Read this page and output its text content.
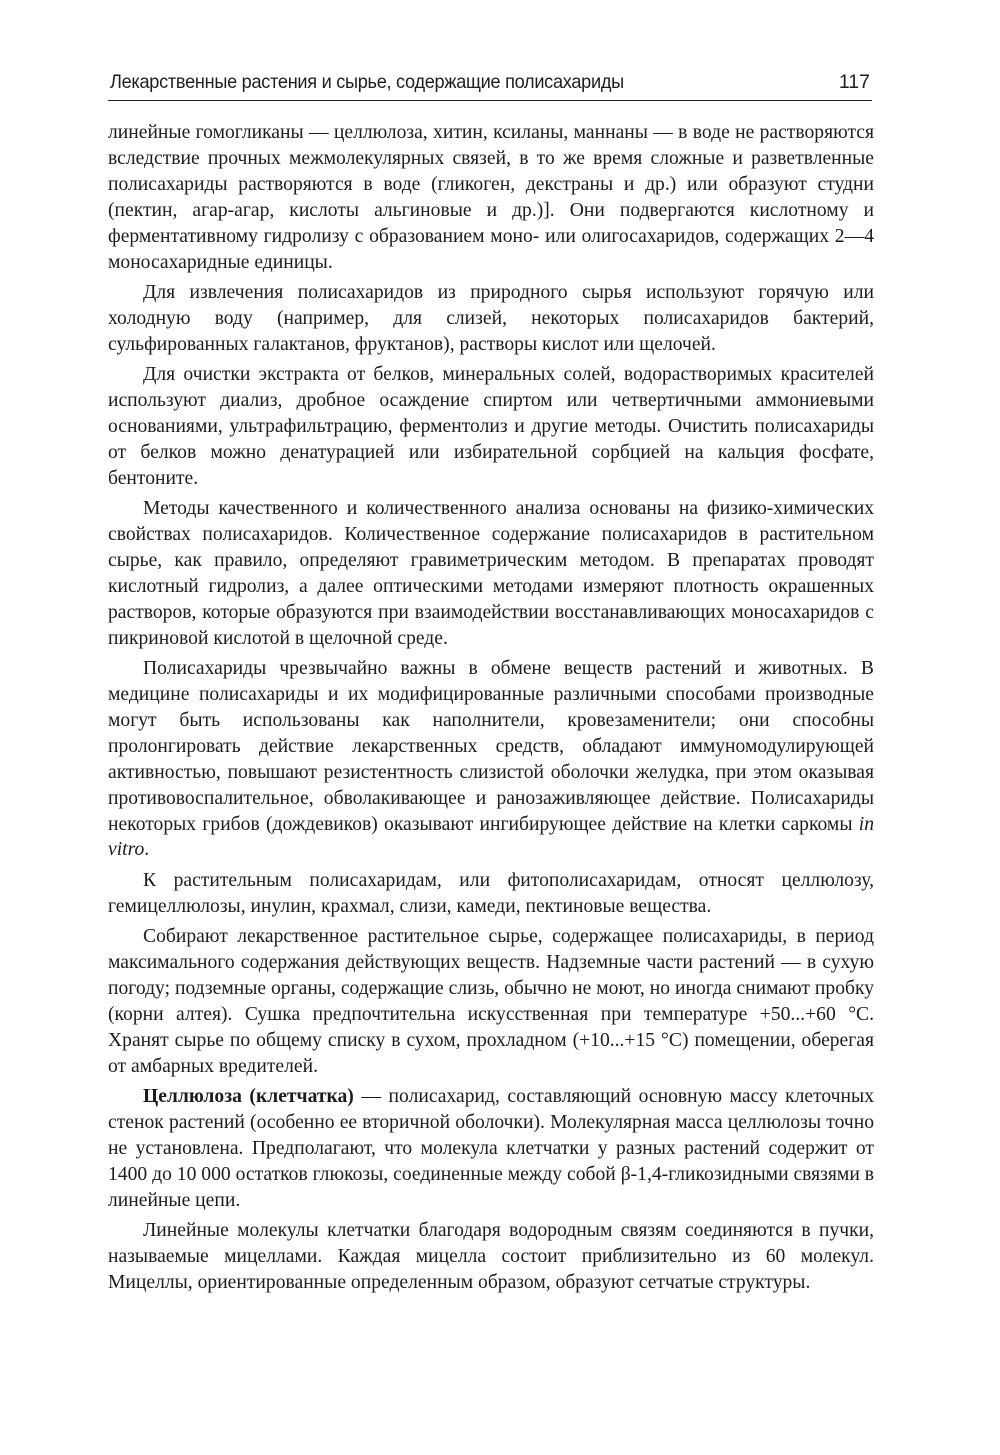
Лекарственные растения и сырье, содержащие полисахариды	117

линейные гомогликаны — целлюлоза, хитин, ксиланы, маннаны — в воде не растворяются вследствие прочных межмолекулярных связей, в то же время сложные и разветвленные полисахариды растворяются в воде (гликоген, декстраны и др.) или образуют студни (пектин, агар-агар, кислоты альгиновые и др.)]. Они подвергаются кислотному и ферментативному гидролизу с образованием моно- или олигосахаридов, содержащих 2—4 моносахаридные единицы.

Для извлечения полисахаридов из природного сырья используют горячую или холодную воду (например, для слизей, некоторых полисахаридов бактерий, сульфированных галактанов, фруктанов), растворы кислот или щелочей.

Для очистки экстракта от белков, минеральных солей, водорастворимых красителей используют диализ, дробное осаждение спиртом или четвертичными аммониевыми основаниями, ультрафильтрацию, ферментолиз и другие методы. Очистить полисахариды от белков можно денатурацией или избирательной сорбцией на кальция фосфате, бентоните.

Методы качественного и количественного анализа основаны на физико-химических свойствах полисахаридов. Количественное содержание полисахаридов в растительном сырье, как правило, определяют гравиметрическим методом. В препаратах проводят кислотный гидролиз, а далее оптическими методами измеряют плотность окрашенных растворов, которые образуются при взаимодействии восстанавливающих моносахаридов с пикриновой кислотой в щелочной среде.

Полисахариды чрезвычайно важны в обмене веществ растений и животных. В медицине полисахариды и их модифицированные различными способами производные могут быть использованы как наполнители, кровезаменители; они способны пролонгировать действие лекарственных средств, обладают иммуномодулирующей активностью, повышают резистентность слизистой оболочки желудка, при этом оказывая противовоспалительное, обволакивающее и ранозаживляющее действие. Полисахариды некоторых грибов (дождевиков) оказывают ингибирующее действие на клетки саркомы in vitro.

К растительным полисахаридам, или фитополисахаридам, относят целлюлозу, гемицеллюлозы, инулин, крахмал, слизи, камеди, пектиновые вещества.

Собирают лекарственное растительное сырье, содержащее полисахариды, в период максимального содержания действующих веществ. Надземные части растений — в сухую погоду; подземные органы, содержащие слизь, обычно не моют, но иногда снимают пробку (корни алтея). Сушка предпочтительна искусственная при температуре +50...+60 °С. Хранят сырье по общему списку в сухом, прохладном (+10...+15 °С) помещении, оберегая от амбарных вредителей.

Целлюлоза (клетчатка) — полисахарид, составляющий основную массу клеточных стенок растений (особенно ее вторичной оболочки). Молекулярная масса целлюлозы точно не установлена. Предполагают, что молекула клетчатки у разных растений содержит от 1400 до 10 000 остатков глюкозы, соединенные между собой β-1,4-гликозидными связями в линейные цепи.

Линейные молекулы клетчатки благодаря водородным связям соединяются в пучки, называемые мицеллами. Каждая мицелла состоит приблизительно из 60 молекул. Мицеллы, ориентированные определенным образом, образуют сетчатые структуры.
